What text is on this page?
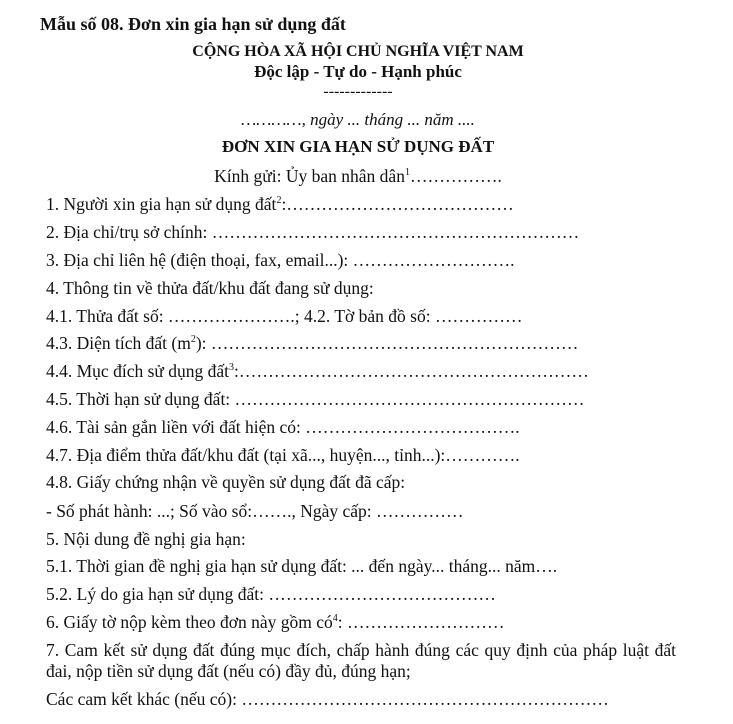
Mẫu số 08. Đơn xin gia hạn sử dụng đất
CỘNG HÒA XÃ HỘI CHỦ NGHĨA VIỆT NAM
Độc lập - Tự do - Hạnh phúc
-------------
…………, ngày ... tháng ... năm ....
ĐƠN XIN GIA HẠN SỬ DỤNG ĐẤT
Kính gửi: Ủy ban nhân dân$^1$…………….
1. Người xin gia hạn sử dụng đất$^2$:…………………………………
2. Địa chỉ/trụ sở chính: ………………………………………………………
3. Địa chỉ liên hệ (điện thoại, fax, email...): ……………………….
4. Thông tin về thửa đất/khu đất đang sử dụng:
4.1. Thửa đất số: ………………….; 4.2. Tờ bản đồ số: ……………
4.3. Diện tích đất $(m^2)$: ………………………………………………………
4.4. Mục đích sử dụng đất$^3$:……………………………………………………
4.5. Thời hạn sử dụng đất: ……………………………………………………
4.6. Tài sản gắn liền với đất hiện có: ……………………………….
4.7. Địa điểm thửa đất/khu đất (tại xã..., huyện..., tỉnh...):………….
4.8. Giấy chứng nhận về quyền sử dụng đất đã cấp:
- Số phát hành: ...; Số vào sổ:……., Ngày cấp: ……………
5. Nội dung đề nghị gia hạn:
5.1. Thời gian đề nghị gia hạn sử dụng đất: ... đến ngày... tháng... năm….
5.2. Lý do gia hạn sử dụng đất: …………………………………
6. Giấy tờ nộp kèm theo đơn này gồm $có^4$: ………………………
7. Cam kết sử dụng đất đúng mục đích, chấp hành đúng các quy định của pháp luật đất
đai, nộp tiền sử dụng đất (nếu có) đầy đủ, đúng hạn;
Các cam kết khác (nếu có): ………………………………………………………
